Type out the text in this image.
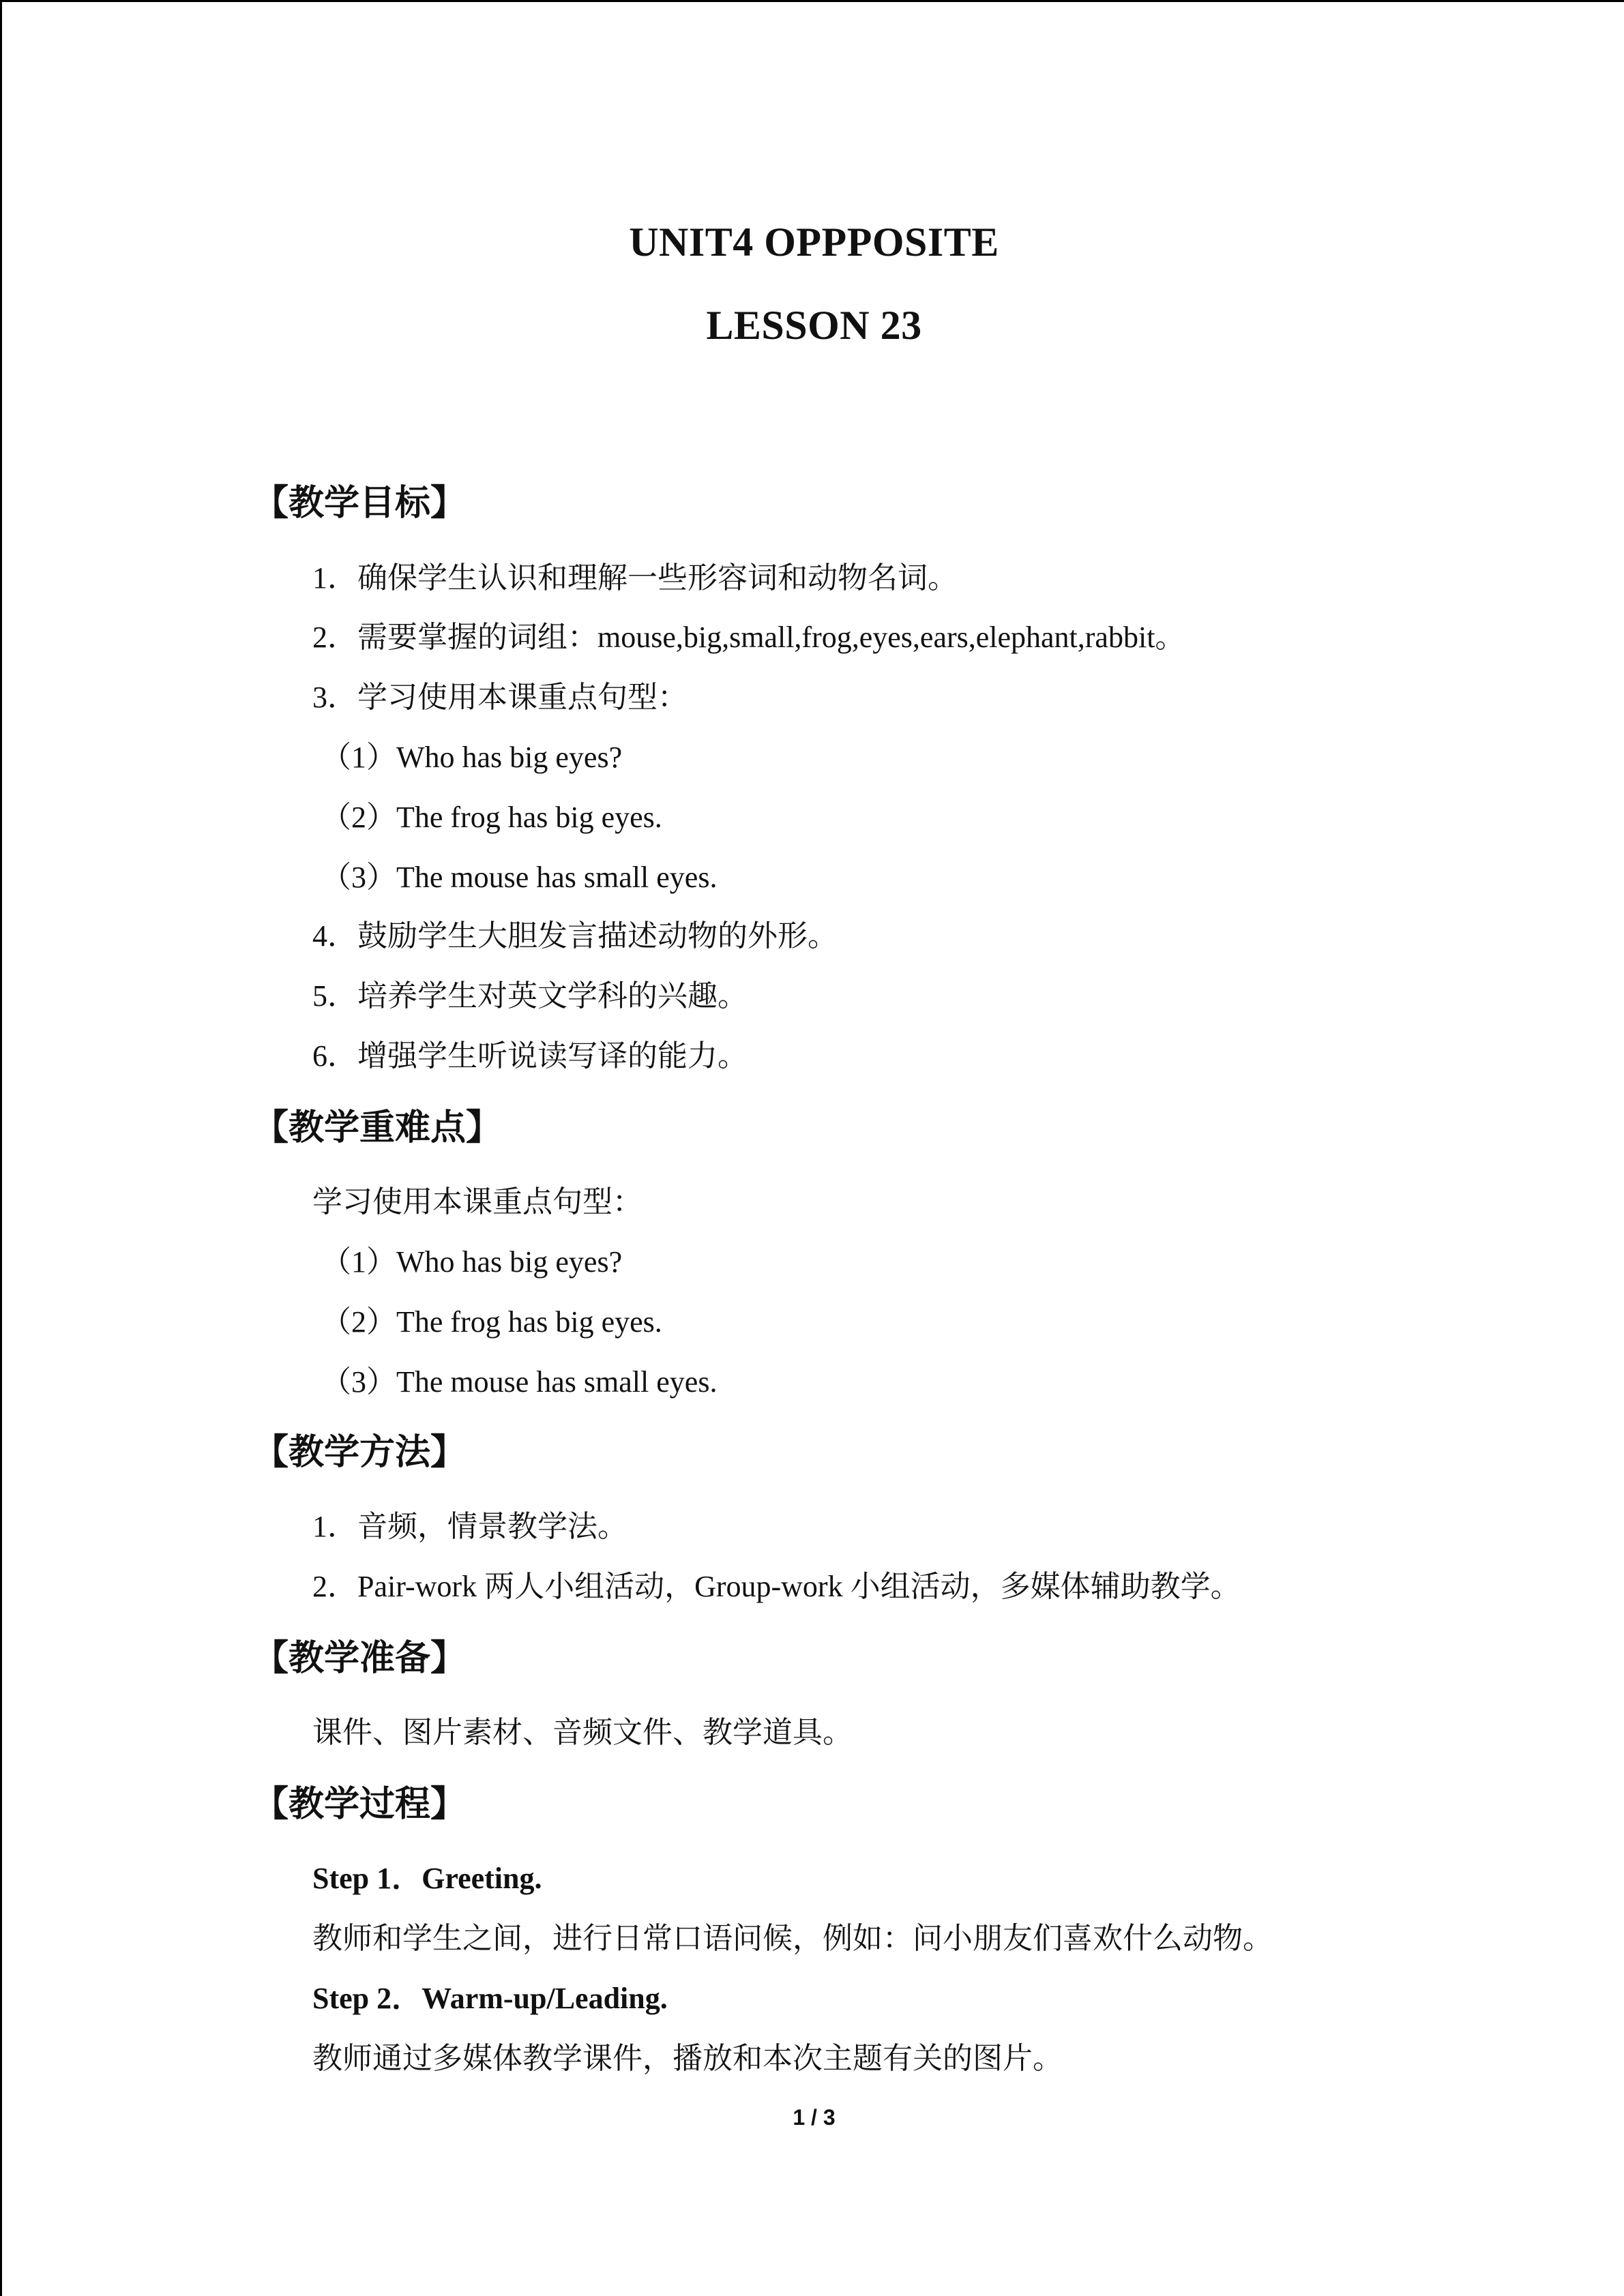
UNIT4 OPPPOSITE
LESSON 23
【教学目标】
1．确保学生认识和理解一些形容词和动物名词。
2．需要掌握的词组：mouse,big,small,frog,eyes,ears,elephant,rabbit。
3．学习使用本课重点句型：
（1）Who has big eyes?
（2）The frog has big eyes.
（3）The mouse has small eyes.
4．鼓励学生大胆发言描述动物的外形。
5．培养学生对英文学科的兴趣。
6．增强学生听说读写译的能力。
【教学重难点】
学习使用本课重点句型：
（1）Who has big eyes?
（2）The frog has big eyes.
（3）The mouse has small eyes.
【教学方法】
1．音频，情景教学法。
2．Pair-work 两人小组活动，Group-work 小组活动，多媒体辅助教学。
【教学准备】
课件、图片素材、音频文件、教学道具。
【教学过程】
Step 1．Greeting.
教师和学生之间，进行日常口语问候，例如：问小朋友们喜欢什么动物。
Step 2．Warm-up/Leading.
教师通过多媒体教学课件，播放和本次主题有关的图片。
1 / 3
